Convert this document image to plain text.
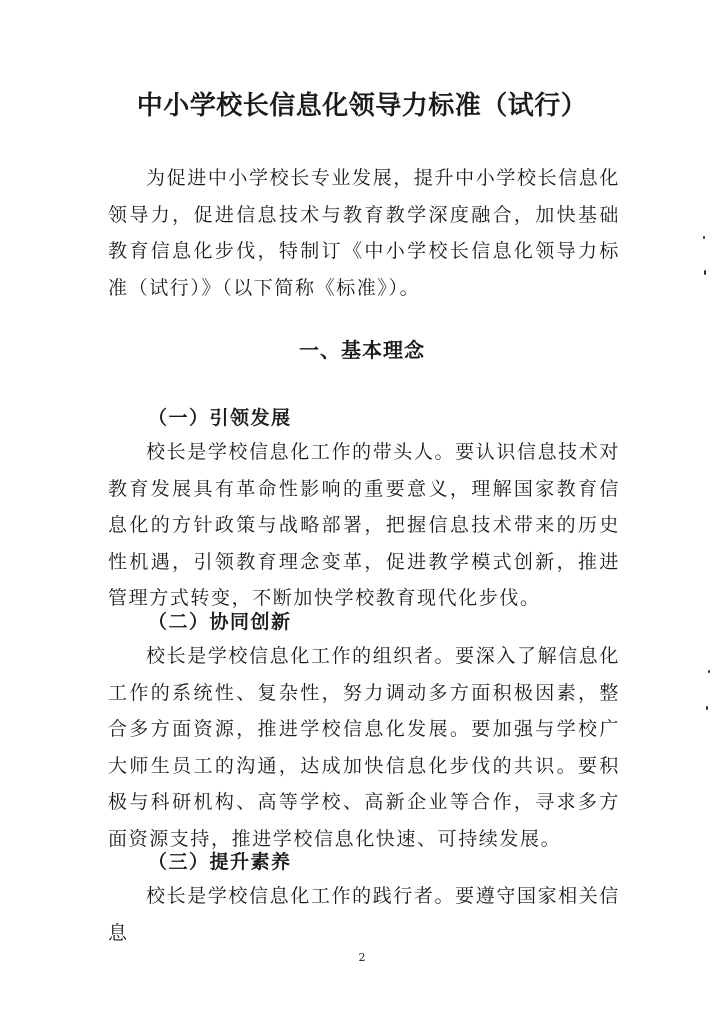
中小学校长信息化领导力标准（试行）

为促进中小学校长专业发展，提升中小学校长信息化领导力，促进信息技术与教育教学深度融合，加快基础教育信息化步伐，特制订《中小学校长信息化领导力标准（试行）》（以下简称《标准》）。

一、基本理念
（一）引领发展

校长是学校信息化工作的带头人。要认识信息技术对教育发展具有革命性影响的重要意义，理解国家教育信息化的方针政策与战略部署，把握信息技术带来的历史性机遇，引领教育理念变革，促进教学模式创新，推进管理方式转变，不断加快学校教育现代化步伐。

（二）协同创新

校长是学校信息化工作的组织者。要深入了解信息化工作的系统性、复杂性，努力调动多方面积极因素，整合多方面资源，推进学校信息化发展。要加强与学校广大师生员工的沟通，达成加快信息化步伐的共识。要积极与科研机构、高等学校、高新企业等合作，寻求多方面资源支持，推进学校信息化快速、可持续发展。

（三）提升素养

校长是学校信息化工作的践行者。要遵守国家相关信息

2
